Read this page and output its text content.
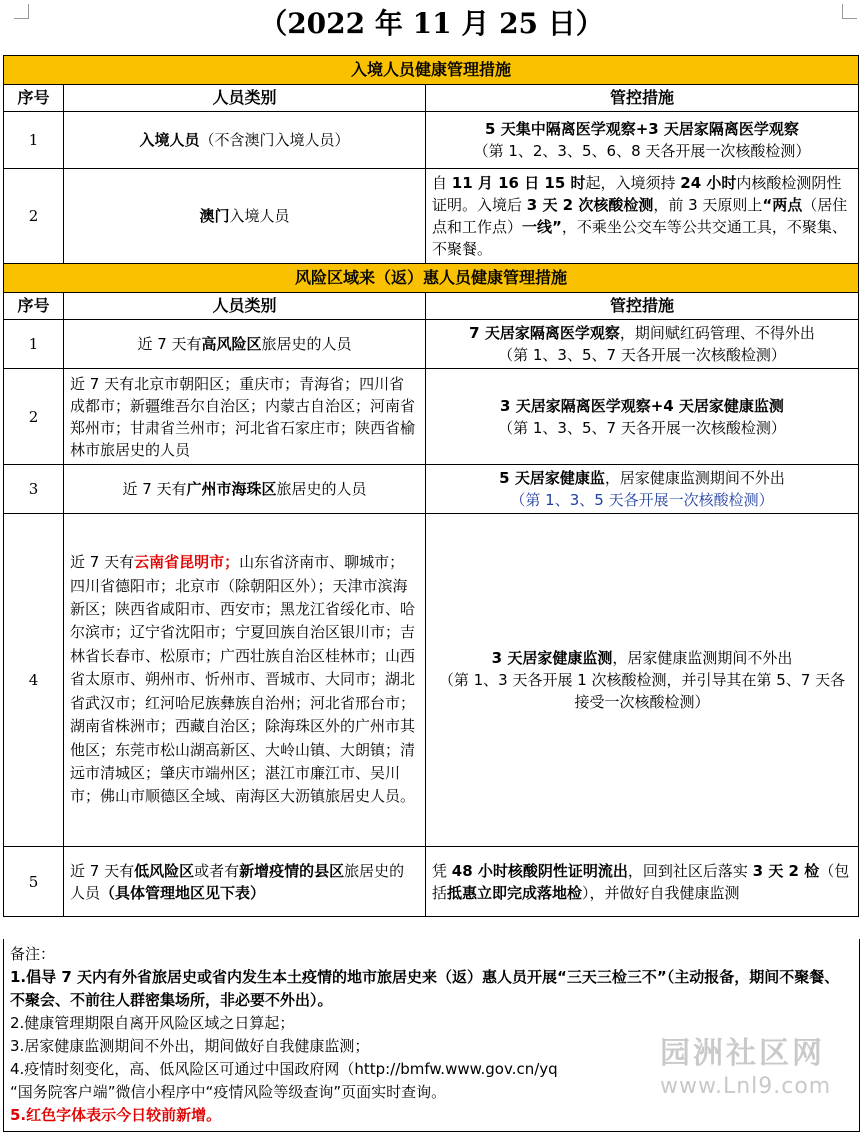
（2022 年 11 月 25 日）
入境人员健康管理措施		
序号	人员类别	管控措施
1	入境人员（不含澳门入境人员）	5 天集中隔离医学观察+3 天居家隔离医学观察
（第 1、2、3、5、6、8 天各开展一次核酸检测）

2	澳门入境人员	自 11 月 16 日 15 时起，入境须持 24 小时内核酸检测阴性证明。入境后 3 天 2 次核酸检测，前 3 天原则上“两点（居住点和工作点）一线”，不乘坐公交车等公共交通工具，不聚集、不聚餐。
风险区域来（返）惠人员健康管理措施		
序号	人员类别	管控措施
1	近 7 天有高风险区旅居史的人员	7 天居家隔离医学观察，期间赋红码管理、不得外出
（第 1、3、5、7 天各开展一次核酸检测）

2	近 7 天有北京市朝阳区；重庆市；青海省；四川省成都市；新疆维吾尔自治区；内蒙古自治区；河南省郑州市；甘肃省兰州市；河北省石家庄市；陕西省榆林市旅居史的人员	3 天居家隔离医学观察+4 天居家健康监测
（第 1、3、5、7 天各开展一次核酸检测）

3	近 7 天有广州市海珠区旅居史的人员	5 天居家健康监，居家健康监测期间不外出
（第 1、3、5 天各开展一次核酸检测）

4	近 7 天有云南省昆明市；山东省济南市、聊城市；四川省德阳市；北京市（除朝阳区外）；天津市滨海新区；陕西省咸阳市、西安市；黑龙江省绥化市、哈尔滨市；辽宁省沈阳市；宁夏回族自治区银川市；吉林省长春市、松原市；广西壮族自治区桂林市；山西省太原市、朔州市、忻州市、晋城市、大同市；湖北省武汉市；红河哈尼族彝族自治州；河北省邢台市；湖南省株洲市；西藏自治区；除海珠区外的广州市其他区；东莞市松山湖高新区、大岭山镇、大朗镇；清远市清城区；肇庆市端州区；湛江市廉江市、吴川市；佛山市顺德区全域、南海区大沥镇旅居史人员。	3 天居家健康监测，居家健康监测期间不外出
（第 1、3 天各开展 1 次核酸检测，并引导其在第 5、7 天各接受一次核酸检测）

5	近 7 天有低风险区或者有新增疫情的县区旅居史的人员（具体管理地区见下表）	凭 48 小时核酸阴性证明流出，回到社区后落实 3 天 2 检（包括抵惠立即完成落地检），并做好自我健康监测

备注：

1.倡导 7 天内有外省旅居史或省内发生本土疫情的地市旅居史来（返）惠人员开展“三天三检三不”（主动报备，期间不聚餐、不聚会、不前往人群密集场所，非必要不外出）。

2.健康管理期限自离开风险区域之日算起；

3.居家健康监测期间不外出，期间做好自我健康监测；

4.疫情时刻变化，高、低风险区可通过中国政府网（http://bmfw.www.gov.cn/yq

“国务院客户端”微信小程序中“疫情风险等级查询”页面实时查询。

5.红色字体表示今日较前新增。

园洲社区网
www.Lnl9.com
